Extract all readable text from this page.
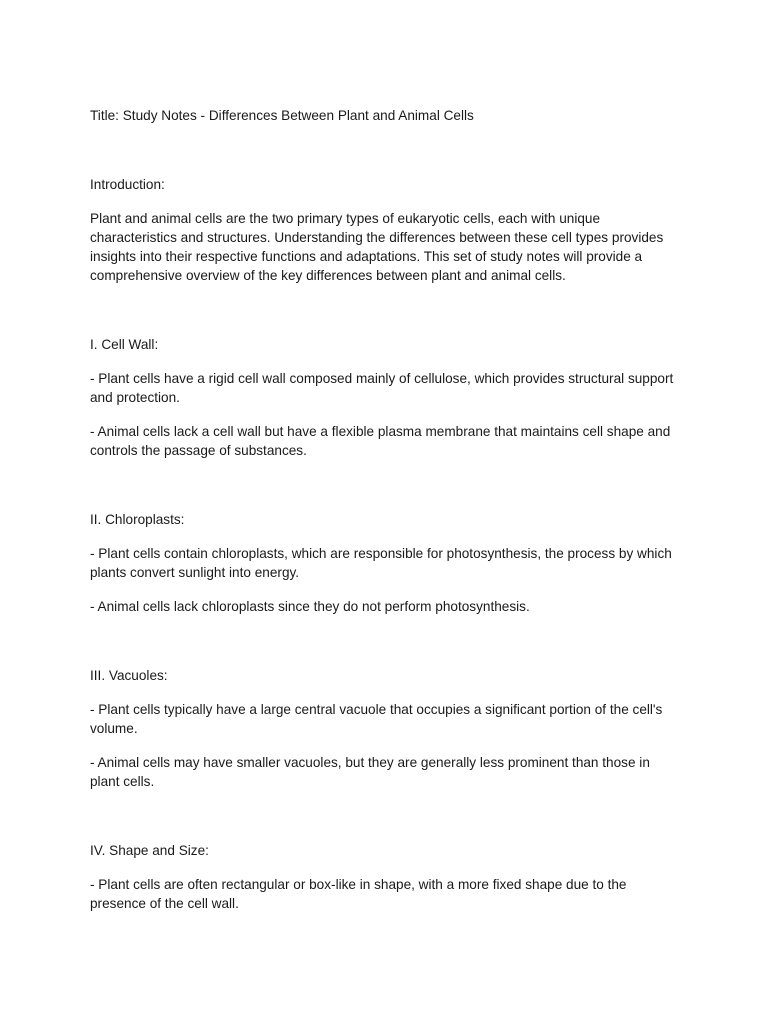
Title: Study Notes - Differences Between Plant and Animal Cells

Introduction:

Plant and animal cells are the two primary types of eukaryotic cells, each with unique characteristics and structures. Understanding the differences between these cell types provides insights into their respective functions and adaptations. This set of study notes will provide a comprehensive overview of the key differences between plant and animal cells.

I. Cell Wall:

- Plant cells have a rigid cell wall composed mainly of cellulose, which provides structural support and protection.

- Animal cells lack a cell wall but have a flexible plasma membrane that maintains cell shape and controls the passage of substances.

II. Chloroplasts:

- Plant cells contain chloroplasts, which are responsible for photosynthesis, the process by which plants convert sunlight into energy.

- Animal cells lack chloroplasts since they do not perform photosynthesis.

III. Vacuoles:

- Plant cells typically have a large central vacuole that occupies a significant portion of the cell's volume.

- Animal cells may have smaller vacuoles, but they are generally less prominent than those in plant cells.

IV. Shape and Size:

- Plant cells are often rectangular or box-like in shape, with a more fixed shape due to the presence of the cell wall.
